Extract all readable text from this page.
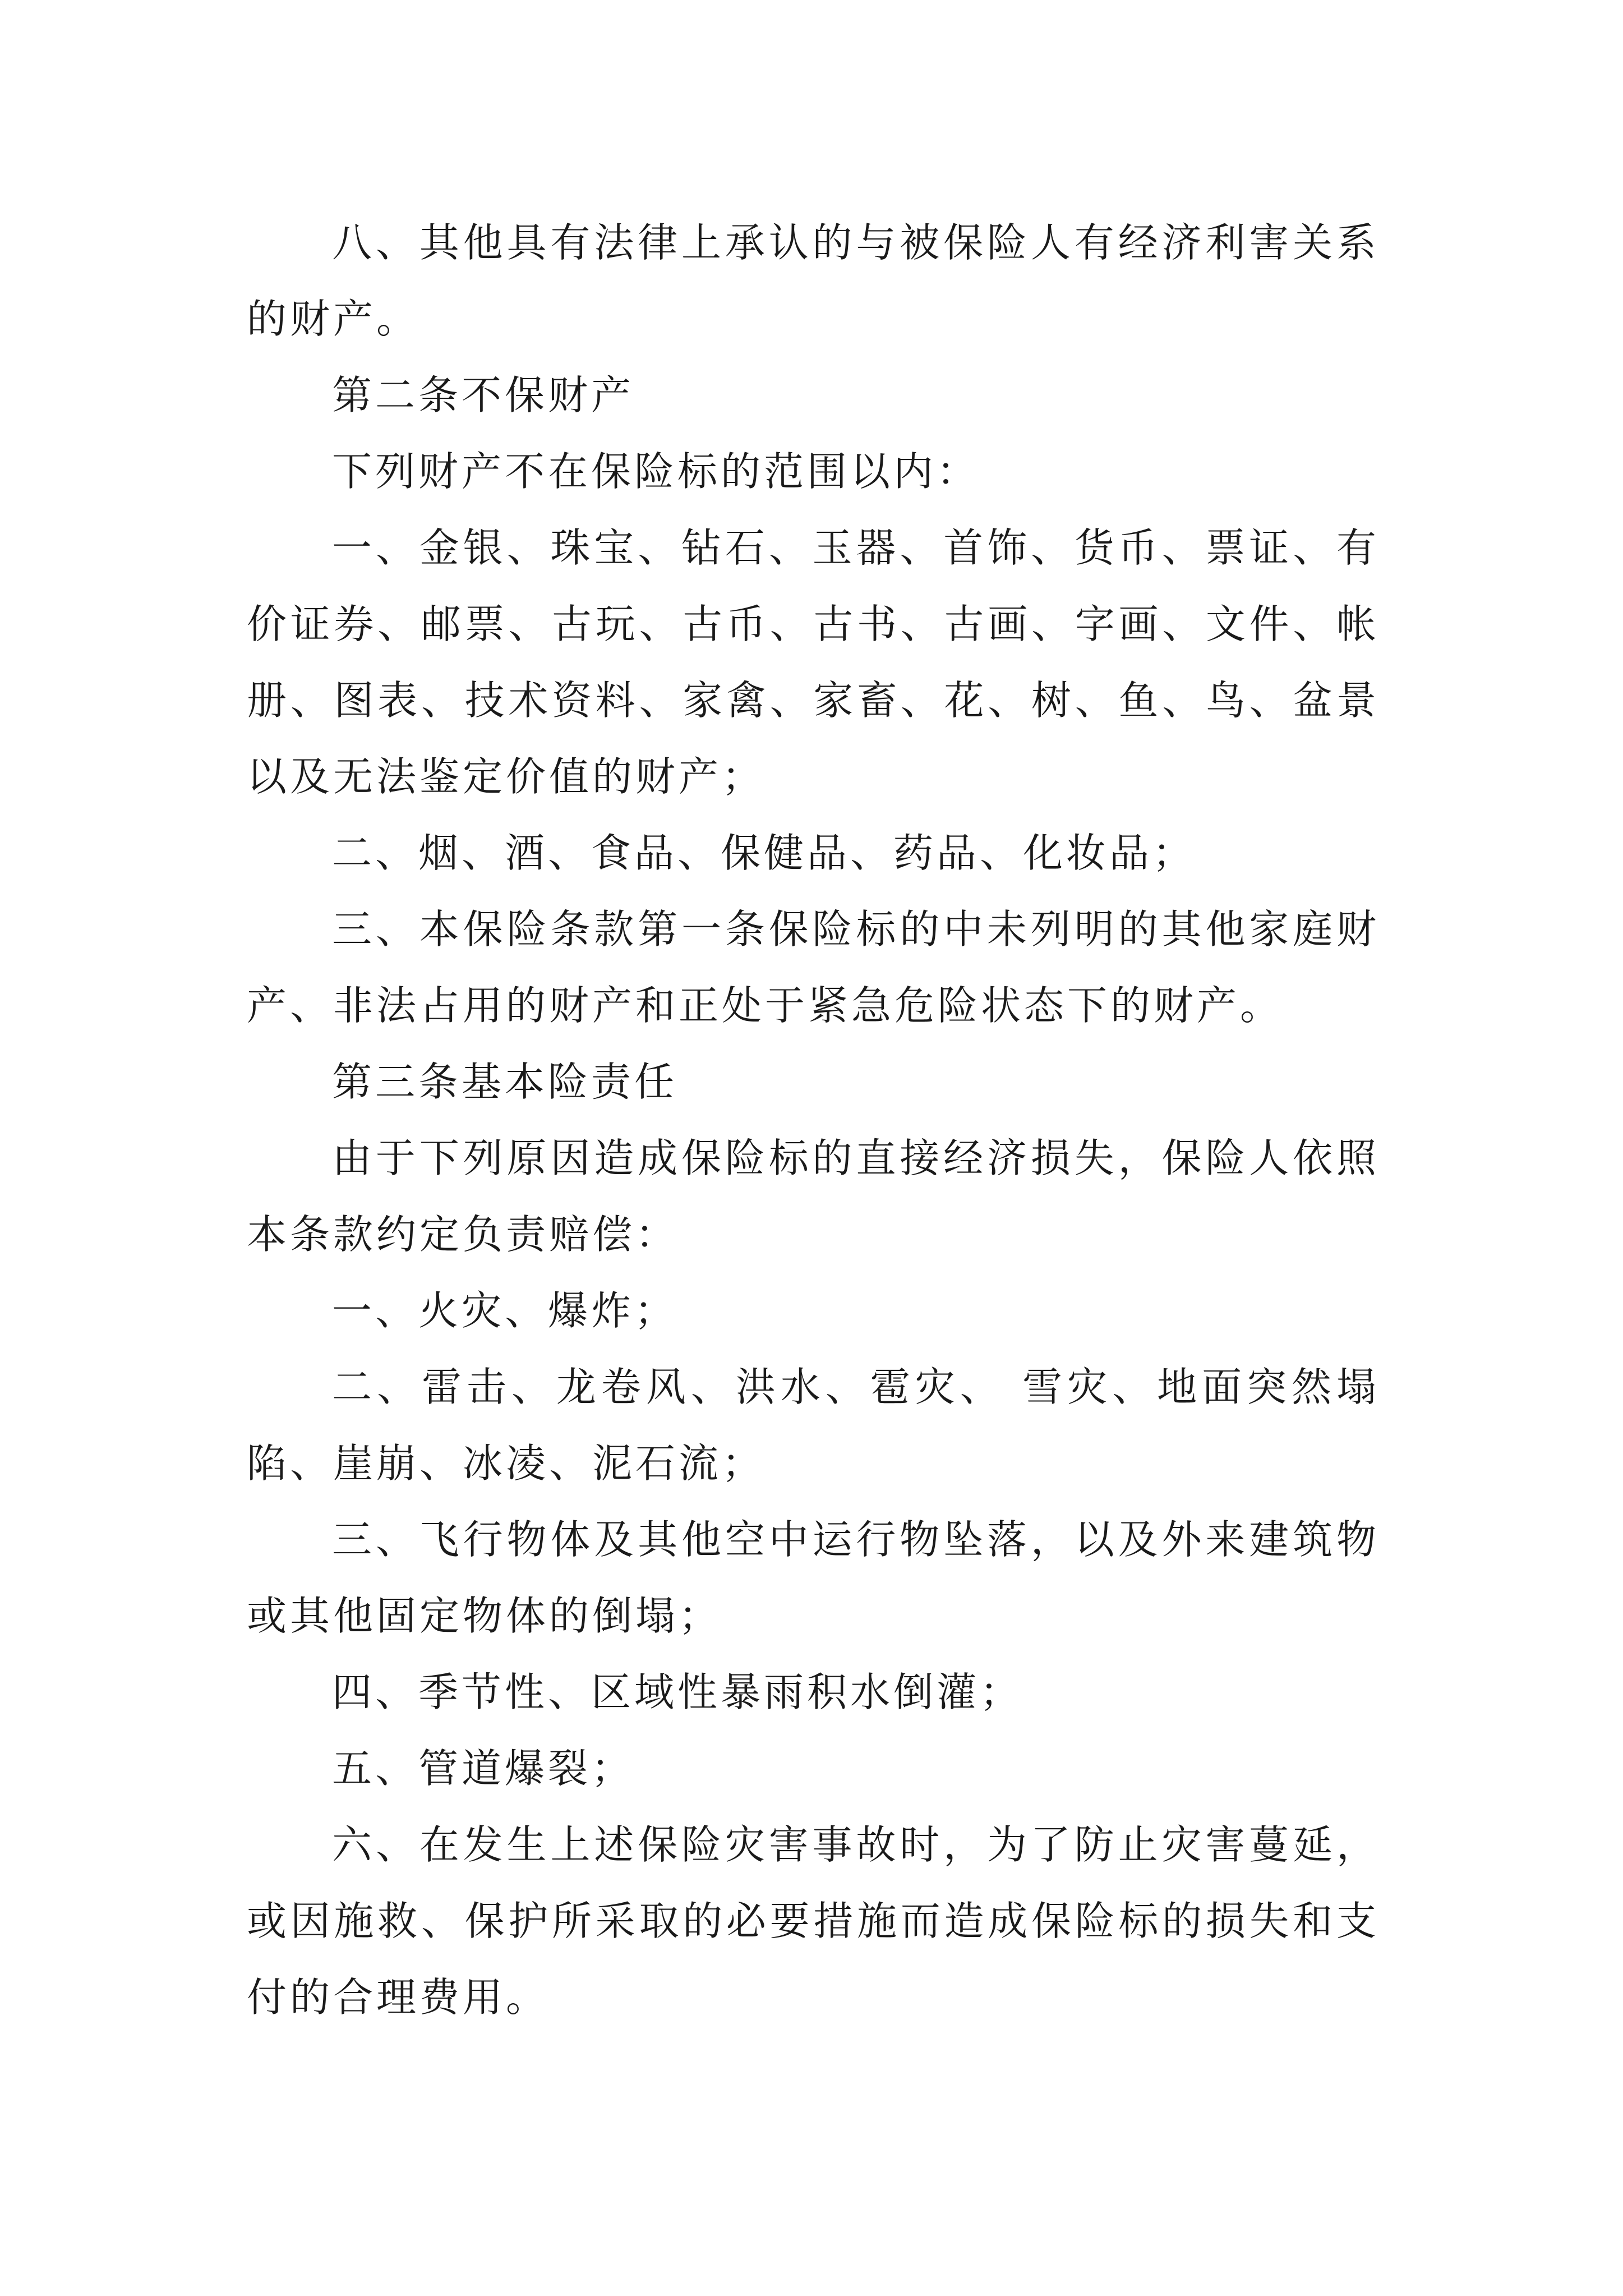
八、其他具有法律上承认的与被保险人有经济利害关系的财产。

第二条不保财产

下列财产不在保险标的范围以内：

一、金银、珠宝、钻石、玉器、首饰、货币、票证、有价证券、邮票、古玩、古币、古书、古画、字画、文件、帐册、图表、技术资料、家禽、家畜、花、树、鱼、鸟、盆景以及无法鉴定价值的财产；

二、烟、酒、食品、保健品、药品、化妆品；

三、本保险条款第一条保险标的中未列明的其他家庭财产、非法占用的财产和正处于紧急危险状态下的财产。

第三条基本险责任

由于下列原因造成保险标的直接经济损失，保险人依照本条款约定负责赔偿：

一、火灾、爆炸；

二、雷击、龙卷风、洪水、雹灾、 雪灾、地面突然塌陷、崖崩、冰凌、泥石流；

三、飞行物体及其他空中运行物坠落，以及外来建筑物或其他固定物体的倒塌；

四、季节性、区域性暴雨积水倒灌；

五、管道爆裂；

六、在发生上述保险灾害事故时，为了防止灾害蔓延，或因施救、保护所采取的必要措施而造成保险标的损失和支付的合理费用。
